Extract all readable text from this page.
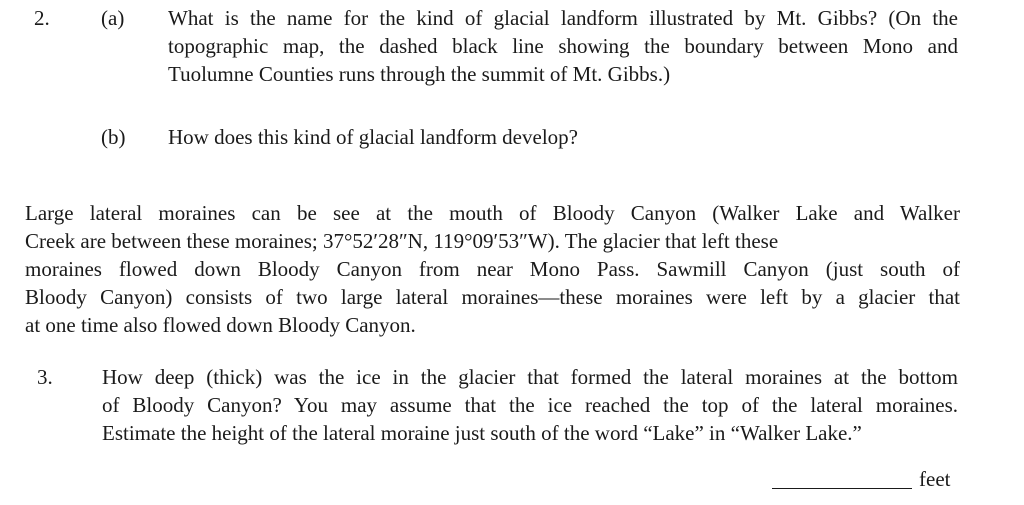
2. (a) What is the name for the kind of glacial landform illustrated by Mt. Gibbs? (On the
topographic map, the dashed black line showing the boundary between Mono and
Tuolumne Counties runs through the summit of Mt. Gibbs.)
(b) How does this kind of glacial landform develop?
Large lateral moraines can be see at the mouth of Bloody Canyon (Walker Lake and Walker
Creek are between these moraines; 37°52′28″N, 119°09′53″W). The glacier that left these
moraines flowed down Bloody Canyon from near Mono Pass. Sawmill Canyon (just south of
Bloody Canyon) consists of two large lateral moraines—these moraines were left by a glacier that
at one time also flowed down Bloody Canyon.
3. How deep (thick) was the ice in the glacier that formed the lateral moraines at the bottom
of Bloody Canyon? You may assume that the ice reached the top of the lateral moraines.
Estimate the height of the lateral moraine just south of the word “Lake” in “Walker Lake.”
feet
